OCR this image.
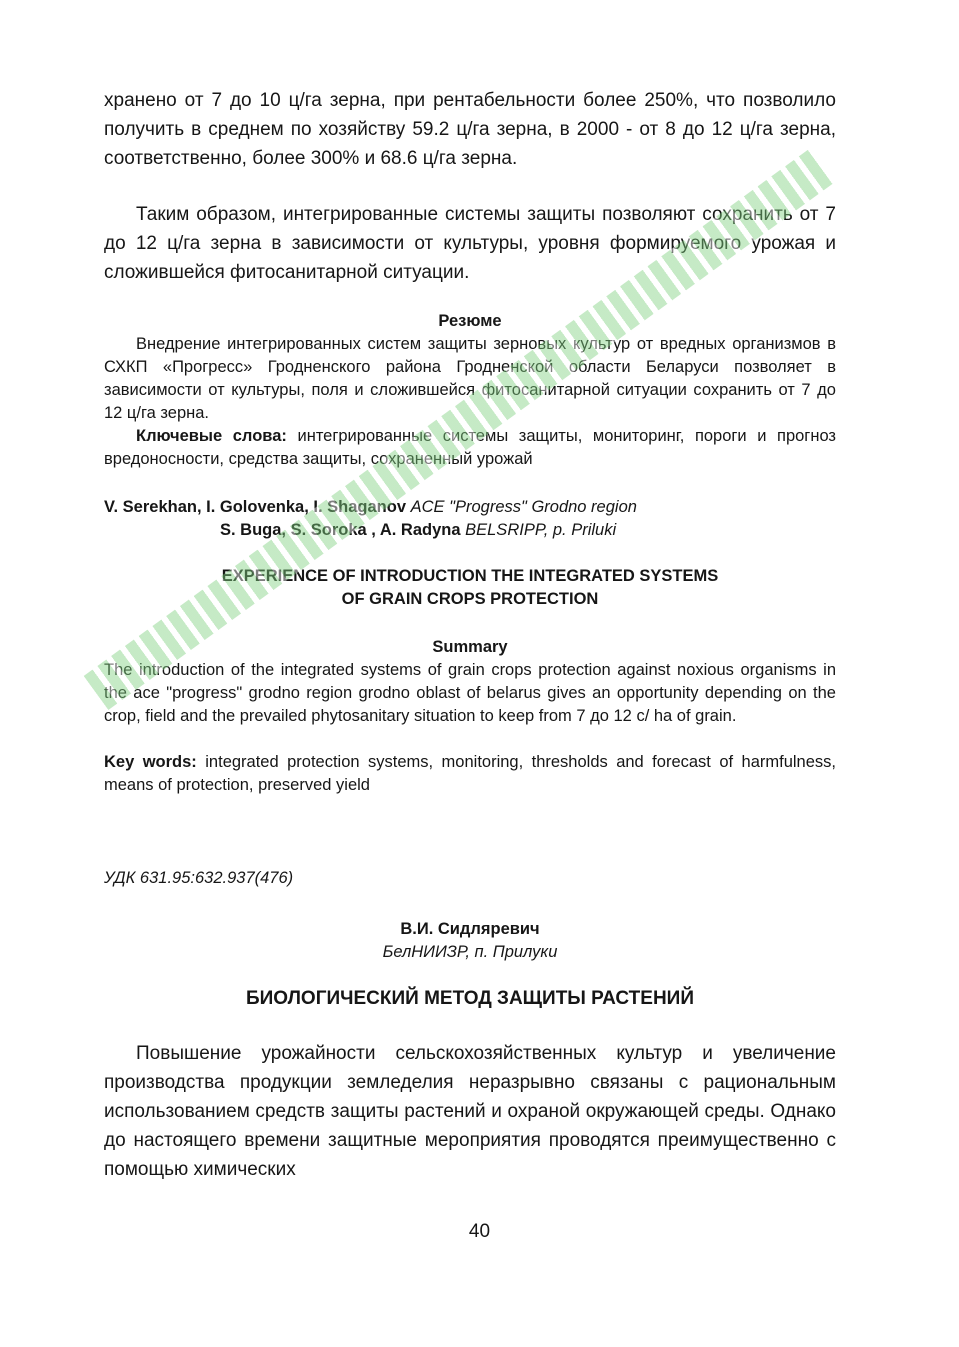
хранено от 7 до 10 ц/га зерна, при рентабельности более 250%, что позволило получить в среднем по хозяйству 59.2 ц/га зерна, в 2000 - от 8 до 12 ц/га зерна, соответственно, более 300% и 68.6 ц/га зерна.

Таким образом, интегрированные системы защиты позволяют сохранить от 7 до 12 ц/га зерна в зависимости от культуры, уровня формируемого урожая и сложившейся фитосанитарной ситуации.

Резюме

Внедрение интегрированных систем защиты зерновых культур от вредных организмов в СХКП «Прогресс» Гродненского района Гродненской области Беларуси позволяет в зависимости от культуры, поля и сложившейся фитосанитарной ситуации сохранить от 7 до 12 ц/га зерна.

Ключевые слова: интегрированные системы защиты, мониторинг, пороги и прогноз вредоносности, средства защиты, сохраненный урожай

V. Serekhan, I. Golovenka, I. Shaganov ACE "Progress" Grodno region
S. Buga, S. Soroka , A. Radyna BELSRIPP, p. Priluki
EXPERIENCE OF INTRODUCTION THE INTEGRATED SYSTEMS
OF GRAIN CROPS PROTECTION
Summary

The introduction of the integrated systems of grain crops protection against noxious organisms in the ace "progress" grodno region grodno oblast of belarus gives an opportunity depending on the crop, field and the prevailed phytosanitary situation to keep from 7 до 12 c/ ha of grain.

Key words: integrated protection systems, monitoring, thresholds and forecast of harmfulness, means of protection, preserved yield

УДК 631.95:632.937(476)
В.И. Сидляревич
БелНИИЗР, п. Прилуки
БИОЛОГИЧЕСКИЙ МЕТОД ЗАЩИТЫ РАСТЕНИЙ

Повышение урожайности сельскохозяйственных культур и увеличение производства продукции земледелия неразрывно связаны с рациональным использованием средств защиты растений и охраной окружающей среды. Однако до настоящего времени защитные мероприятия проводятся преимущественно с помощью химических

40
